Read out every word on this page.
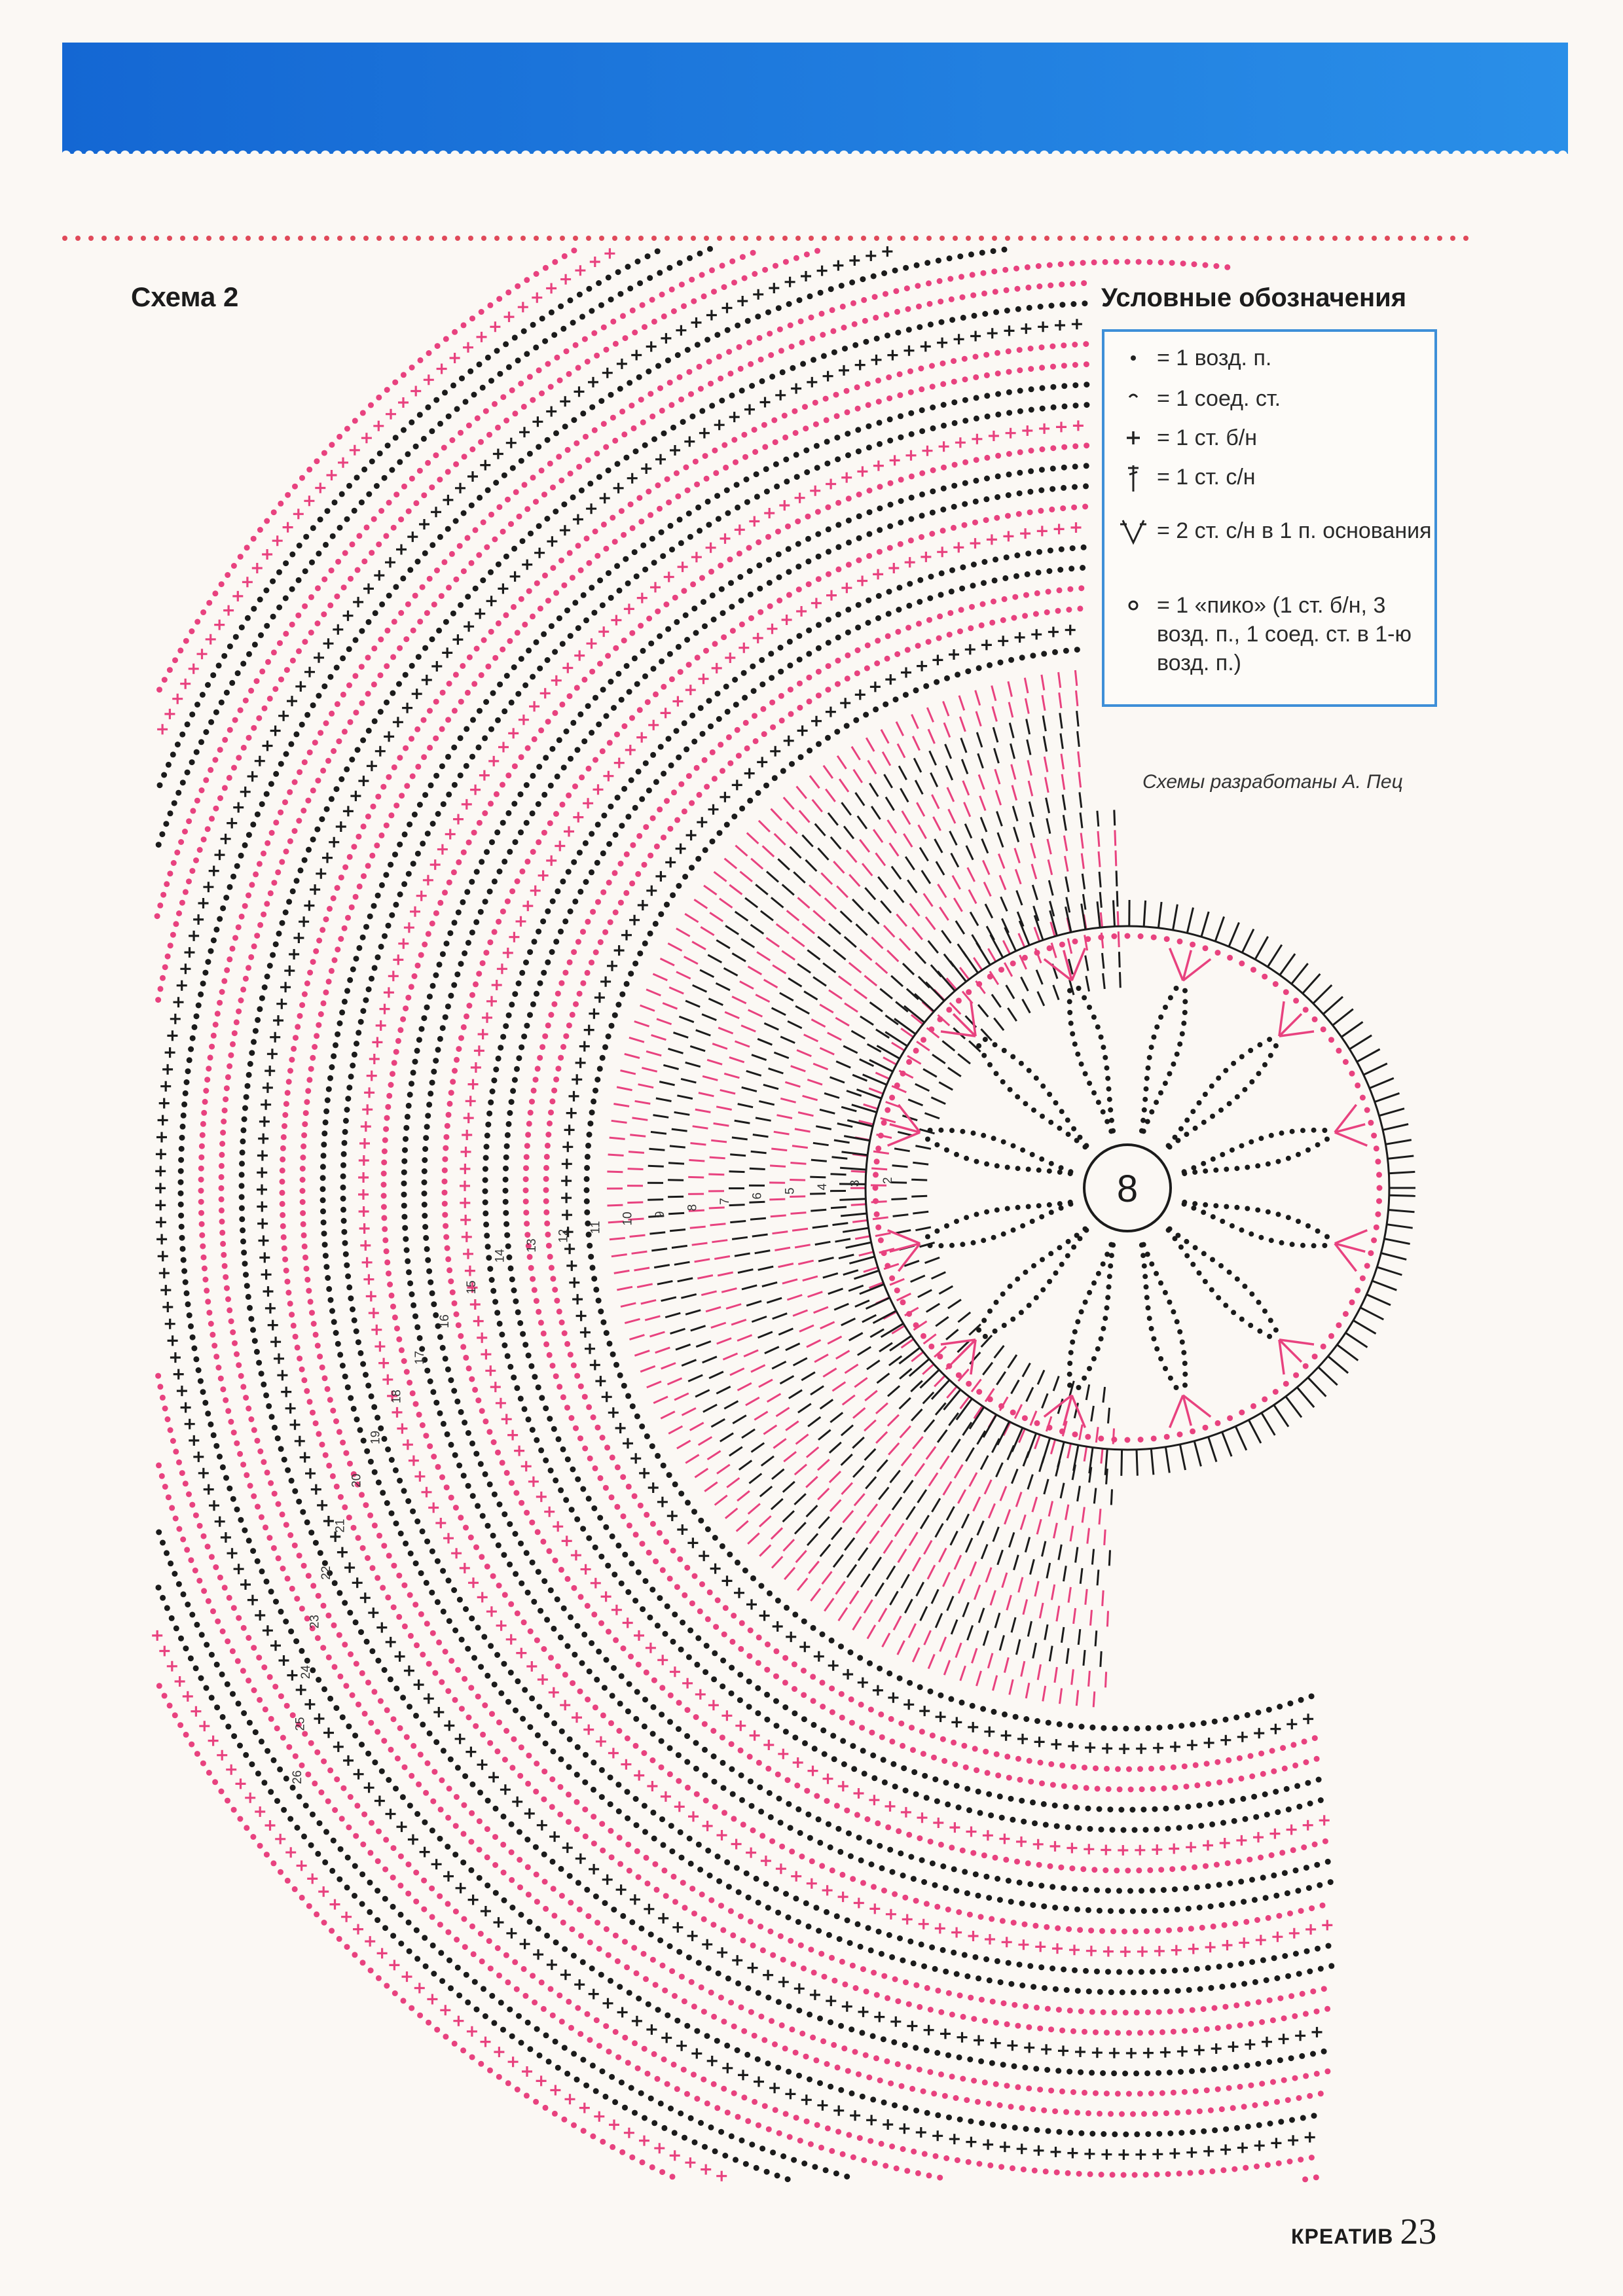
Схема 2
2
3
4
5
6
7
8
9
10
11
12
13
14
15
16
17
18
19
20
21
22
23
24
25
26
8
Условные обозначения
= 1 возд. п.
= 1 соед. ст.
= 1 ст. б/н
= 1 ст. с/н
= 2 ст. с/н в 1 п. основания
= 1 «пико» (1 ст. б/н, 3 возд. п., 1 соед. ст. в 1-ю возд. п.)
Схемы разработаны А. Пец
КРЕАТИВ 23
